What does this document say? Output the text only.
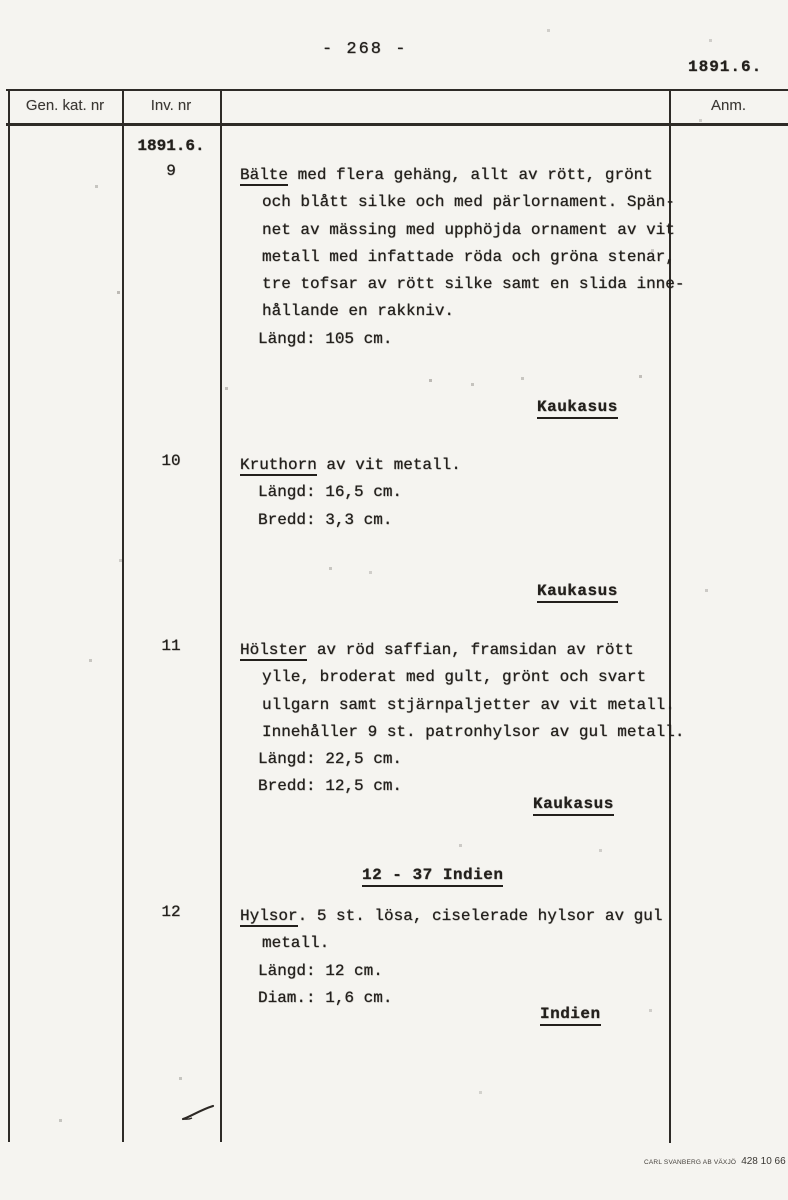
- 268 -
1891.6.
Gen. kat. nr	Inv. nr	Anm.
1891.6.
9	Bälte med flera gehäng, allt av rött, grönt
och blått silke och med pärlornament. Spän-
net av mässing med upphöjda ornament av vit
metall med infattade röda och gröna stenar,
tre tofsar av rött silke samt en slida inne-
hållande en rakkniv.
Längd: 105 cm.
Kaukasus
10	Kruthorn av vit metall.
Längd: 16,5 cm.
Bredd: 3,3 cm.
Kaukasus
11	Hölster av röd saffian, framsidan av rött
ylle, broderat med gult, grönt och svart
ullgarn samt stjärnpaljetter av vit metall.
Innehåller 9 st. patronhylsor av gul metall.
Längd: 22,5 cm.
Bredd: 12,5 cm.
Kaukasus
12	Hylsor. 5 st. lösa, ciselerade hylsor av gul
metall.
Längd: 12 cm.
Diam.: 1,6 cm.
Indien
12 - 37 Indien
CARL SVANBERG AB VÄXJÖ 428 10 66
